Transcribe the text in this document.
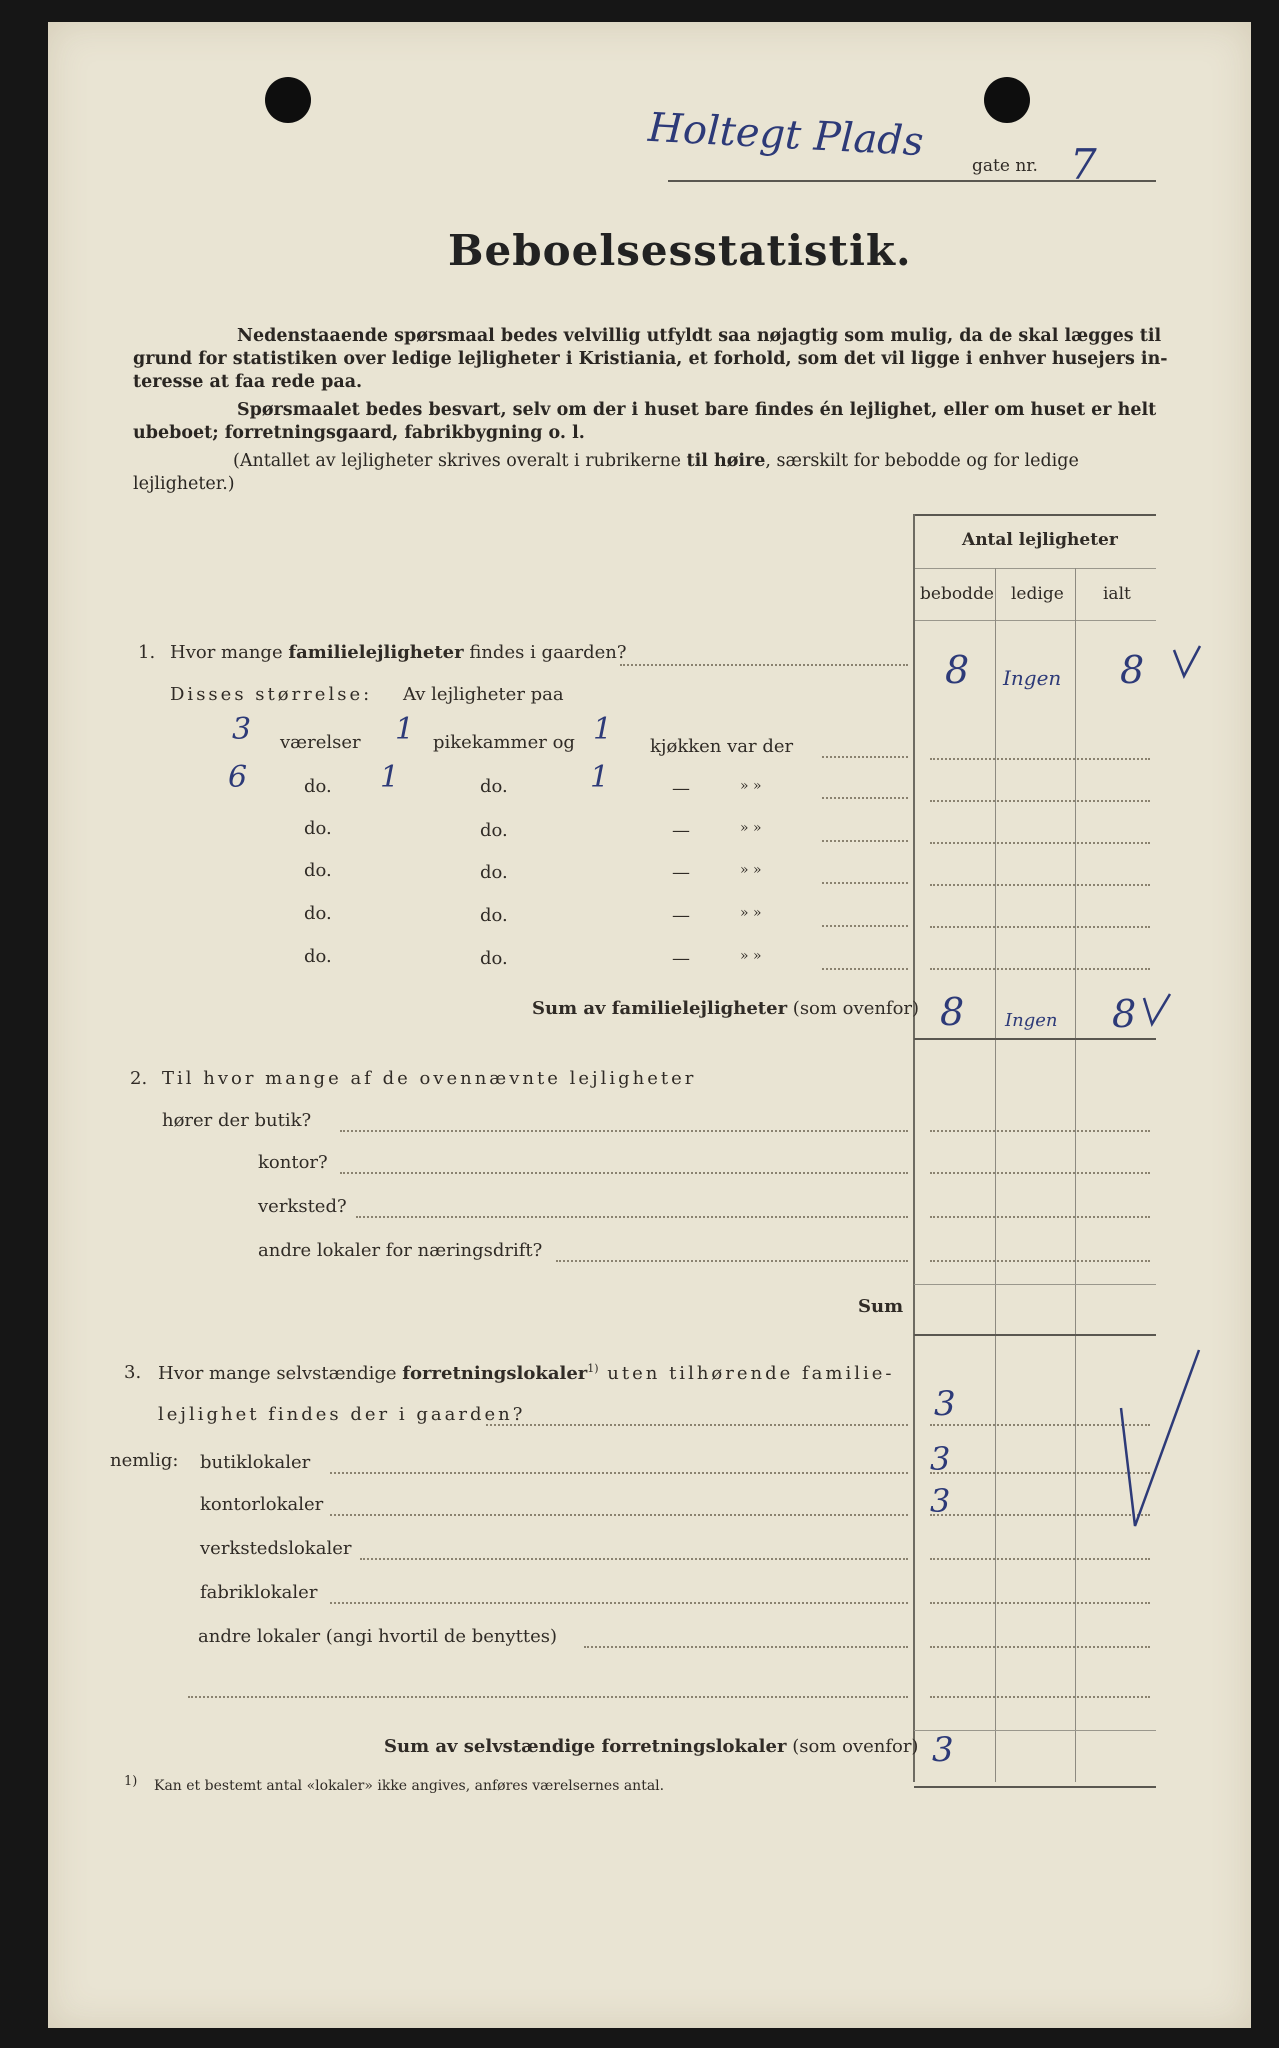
Holtegt Plads
gate nr. 7
Beboelsesstatistik.
Nedenstaaende spørsmaal bedes velvillig utfyldt saa nøjagtig som mulig, da de skal lægges til
grund for statistiken over ledige lejligheter i Kristiania, et forhold, som det vil ligge i enhver husejers in-
teresse at faa rede paa.
Spørsmaalet bedes besvart, selv om der i huset bare findes én lejlighet, eller om huset er helt
ubeboet; forretningsgaard, fabrikbygning o. l.
(Antallet av lejligheter skrives overalt i rubrikerne til høire, særskilt for bebodde og for ledige
lejligheter.)
Antal lejligheter
bebodde ledige ialt
1. Hvor mange familielejligheter findes i gaarden?	8 Ingen 8
Disses størrelse: Av lejligheter paa
3 værelser 1 pikekammer og 1 kjøkken var der
6	do. 1	do.	1	—	» »
do.	do.	—	» »
do.	do.	—	» »
do.	do.	—	» »
do.	do.	—	» »
Sum av familielejligheter (som ovenfor) 8 Ingen 8
2. Til hvor mange af de ovennævnte lejligheter
hører der butik?
kontor?
verksted?
andre lokaler for næringsdrift?
Sum
3. Hvor mange selvstændige forretningslokaler$^{1)}$ uten tilhørende familie-
lejlighet findes der i gaarden?	3
nemlig: butiklokaler	3
kontorlokaler	3
verkstedslokaler
fabriklokaler
andre lokaler (angi hvortil de benyttes)
Sum av selvstændige forretningslokaler (som ovenfor) 3
1) Kan et bestemt antal «lokaler» ikke angives, anføres værelsernes antal.
